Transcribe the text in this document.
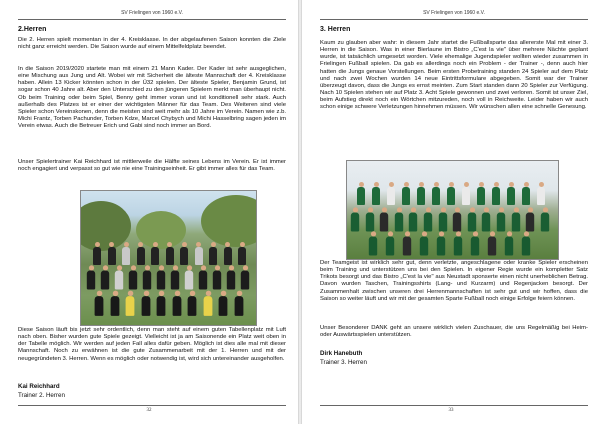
SV Frielingen von 1960 e.V.
2.Herren

Die 2. Herren spielt momentan in der 4. Kreisklasse. In der abgelaufenen Saison konnten die Ziele nicht ganz erreicht werden. Die Saison wurde auf einem Mittelfeldplatz beendet.

In die Saison 2019/2020 startete man mit einem 21 Mann Kader. Der Kader ist sehr ausgeglichen, eine Mischung aus Jung und Alt. Wobei wir mit Sicherheit die älteste Mannschaft der 4. Kreisklasse haben. Allein 13 Kicker könnten schon in der Ü32 spielen. Der älteste Spieler, Benjamin Grund, ist sogar schon 40 Jahre alt. Aber den Unterschied zu den jüngeren Spielern merkt man überhaupt nicht. Ob beim Training oder beim Spiel, Benny geht immer voran und ist konditionell sehr stark. Auch außerhalb des Platzes ist er einer der wichtigsten Männer für das Team. Des Weiteren sind viele Spieler schon Vereinskonen, denn die meisten sind weit mehr als 10 Jahre im Verein. Namen wie z.b. Michi Frantz, Torben Pachunder, Torben Kdze, Marcel Chybych und Michi Hasselbring sagen jeden im Verein etwas. Auch die Betreuer Erich und Gabi sind noch immer an Bord.

Unser Spielertrainer Kai Reichhard ist mittlerweile die Hälfte seines Lebens im Verein. Er ist immer noch engagiert und verpasst so gut wie nie eine Trainingseinheit. Er gibt immer alles für das Team.

Diese Saison läuft bis jetzt sehr ordentlich, denn man steht auf einem guten Tabellenplatz mit Luft nach oben. Bisher wurden gute Spiele gezeigt. Vielleicht ist ja am Saisonende ein Platz weit oben in der Tabelle möglich. Wir werden auf jeden Fall alles dafür geben. Möglich ist dies alle mal mit dieser Mannschaft. Noch zu erwähnen ist die gute Zusammenarbeit mit der 1. Herren und mit der neugegründeten 3. Herren. Wenn es möglich oder notwendig ist, wird sich untereinander ausgeholfen.

Kai Reichhard
Trainer 2. Herren
32
SV Frielingen von 1960 e.V.
3. Herren

Kaum zu glauben aber wahr: in diesem Jahr startet die Fußballsparte das allererste Mal mit einer 3. Herren in die Saison. Was in einer Bierlaune im Bistro „C'est la vie" über mehrere Nächte geplant wurde, ist tatsächlich umgesetzt worden. Viele ehemalige Jugendspieler wollten wieder zusammen in Frielingen Fußball spielen. Da gab es allerdings noch ein Problem - der Trainer -, denn auch hier hatten die Jungs genaue Vorstellungen. Beim ersten Probetraining standen 24 Spieler auf dem Platz und nach zwei Wochen wurden 14 neue Eintrittsformulare abgegeben. Somit war der Trainer überzeugt davon, dass die Jungs es ernst meinten. Zum Start standen dann 20 Spieler zur Verfügung. Nach 10 Spielen stehen wir auf Platz 3. Acht Spiele gewonnen und zwei verloren. Somit ist unser Ziel, beim Aufstieg direkt noch ein Wörtchen mitzureden, noch voll in Reichweite. Leider haben wir auch schon einige schwere Verletzungen hinnehmen müssen. Wir wünschen allen eine schnelle Genesung.

Der Teamgeist ist wirklich sehr gut, denn verletzte, angeschlagene oder kranke Spieler erscheinen beim Training und unterstützen uns bei den Spielen. In eigener Regie wurde ein kompletter Satz Trikots besorgt und das Bistro „C'est la vie" aus Neustadt sponserte einen nicht unerheblichen Betrag. Davon wurden Taschen, Trainingsshirts (Lang- und Kurzarm) und Regenjacken besorgt. Der Zusammenhalt zwischen unseren drei Herrenmannschaften ist sehr gut und wir hoffen, dass die Saison so weiter läuft und wir mit der gesamten Sparte Fußball noch einige Erfolge feiern können.

Unser Besonderer DANK geht an unsere wirklich vielen Zuschauer, die uns Regelmäßig bei Heim- oder Auswärtsspielen unterstützen.

Dirk Hanebuth
Trainer 3. Herren
33
